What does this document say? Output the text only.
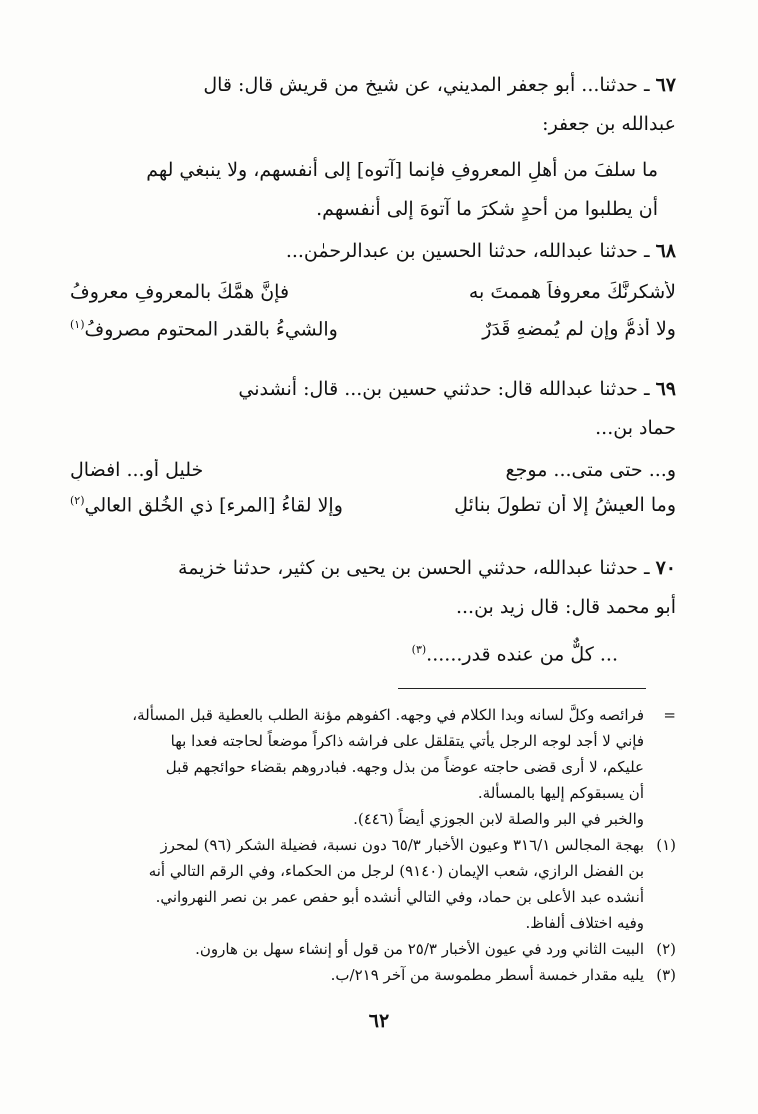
٦٧ ـ حدثنا... أبو جعفر المديني، عن شيخ من قريش قال: قال
عبدالله بن جعفر:
ما سلفَ من أهلِ المعروفِ فإنما [آتوه] إلى أنفسهم، ولا ينبغي لهم
أن يطلبوا من أحدٍ شكرَ ما آتوهَ إلى أنفسهم.
٦٨ ـ حدثنا عبدالله، حدثنا الحسين بن عبدالرحمٰن...
لأشكرنَّكَ معروفاً هممتَ به
فإنَّ همَّكَ بالمعروفِ معروفُ
ولا أذمُّ وإن لم يُمضهِ قَدَرٌ
والشيءُ بالقدرِ المحتومِ مصروفُ$^{(١)}$
٦٩ ـ حدثنا عبدالله قال: حدثني حسين بن... قال: أنشدني
حماد بن...
و... حتى متى... موجع
خليل أو... افضالِ
وما العيشُ إلا أن تطولَ بنائلٍ
وإلا لقاءُ [المرء] ذي الخُلقِ العالي$^{(٢)}$
٧٠ ـ حدثنا عبدالله، حدثني الحسن بن يحيى بن كثير، حدثنا خزيمة
أبو محمد قال: قال زيد بن...
... كلٌّ من عنده قدر......$^{(٣)}$
=
فرائصه وكلَّ لسانه وبدا الكلام في وجهه. اكفوهم مؤنة الطلب بالعطية قبل المسألة،
فإني لا أجد لوجه الرجل يأتي يتقلقل على فراشه ذاكراً موضعاً لحاجته فعدا بها
عليكم، لا أرى قضى حاجته عوضاً من بذل وجهه. فبادروهم بقضاء حوائجهم قبل
أن يسبقوكم إليها بالمسألة.
والخبر في البر والصلة لابن الجوزي أيضاً (٤٤٦).
(١)
بهجة المجالس ٣١٦/١ وعيون الأخبار ٦٥/٣ دون نسبة، فضيلة الشكر (٩٦) لمحرز
بن الفضل الرازي، شعب الإيمان (٩١٤٠) لرجل من الحكماء، وفي الرقم التالي أنه
أنشده عبد الأعلى بن حماد، وفي التالي أنشده أبو حفص عمر بن نصر النهرواني.
وفيه اختلاف ألفاظ.
(٢)
البيت الثاني ورد في عيون الأخبار ٢٥/٣ من قول أو إنشاء سهل بن هارون.
(٣)
يليه مقدار خمسة أسطر مطموسة من آخر ٢١٩/ب.
٦٢
